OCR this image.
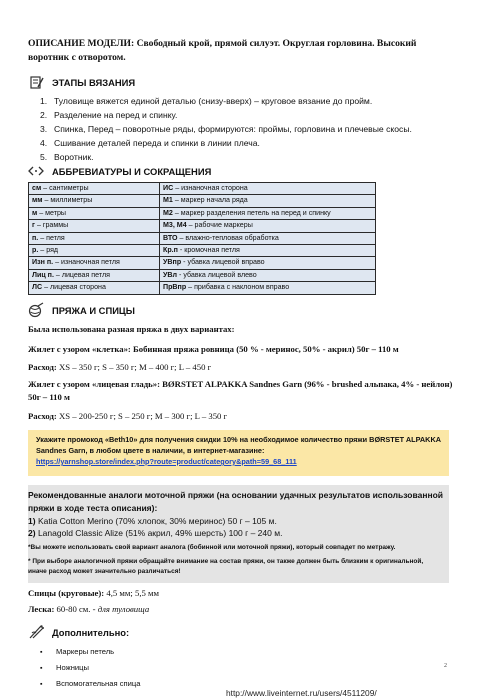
ОПИСАНИЕ МОДЕЛИ: Свободный крой, прямой силуэт. Округлая горловина. Высокий воротник с отворотом.
ЭТАПЫ ВЯЗАНИЯ
1. Туловище вяжется единой деталью (снизу-вверх) – круговое вязание до пройм.
2. Разделение на перед и спинку.
3. Спинка, Перед – поворотные ряды, формируются: проймы, горловина и плечевые скосы.
4. Сшивание деталей переда и спинки в линии плеча.
5. Воротник.
АББРЕВИАТУРЫ И СОКРАЩЕНИЯ
см – сантиметры	ИС – изнаночная сторона
мм – миллиметры	М1 – маркер начала ряда
м – метры	М2 – маркер разделения петель на перед и спинку
г – граммы	М3, М4 – рабочие маркеры
п. – петля	ВТО – влажно-тепловая обработка
р. – ряд	Кр.п - кромочная петля
Изн п. – изнаночная петля	УВпр - убавка лицевой вправо
Лиц п. – лицевая петля	УВл - убавка лицевой влево
ЛС – лицевая сторона	ПрВпр – прибавка с наклоном вправо
ПРЯЖА И СПИЦЫ
Была использована разная пряжа в двух вариантах:
Жилет с узором «клетка»: Бобинная пряжа ровница (50 % - меринос, 50% - акрил) 50г – 110 м
Расход: XS – 350 г; S – 350 г; M – 400 г; L – 450 г
Жилет с узором «лицевая гладь»: BØRSTET ALPAKKA Sandnes Garn (96% - brushed альпака, 4% - нейлон) 50г – 110 м
Расход: XS – 200-250 г; S – 250 г; M – 300 г; L – 350 г
Укажите промокод «Beth10» для получения скидки 10% на необходимое количество пряжи BØRSTET ALPAKKA Sandnes Garn, в любом цвете в наличии, в интернет-магазине:
https://yarnshop.store/index.php?route=product/category&path=59_68_111
Рекомендованные аналоги моточной пряжи (на основании удачных результатов использованной пряжи в ходе теста описания):
1) Katia Cotton Merino (70% хлопок, 30% меринос) 50 г – 105 м.
2) Lanagold Classic Alize (51% акрил, 49% шерсть) 100 г – 240 м.
*Вы можете использовать свой вариант аналога (бобинной или моточной пряжи), который совпадет по метражу.
* При выборе аналогичной пряжи обращайте внимание на состав пряжи, он также должен быть близким к оригинальной, иначе расход может значительно различаться!
Спицы (круговые): 4,5 мм; 5,5 мм
Леска: 60-80 см. - для туловища
Дополнительно:
▪ Маркеры петель
▪ Ножницы
▪ Вспомогательная спица
2
http://www.liveinternet.ru/users/4511209/
